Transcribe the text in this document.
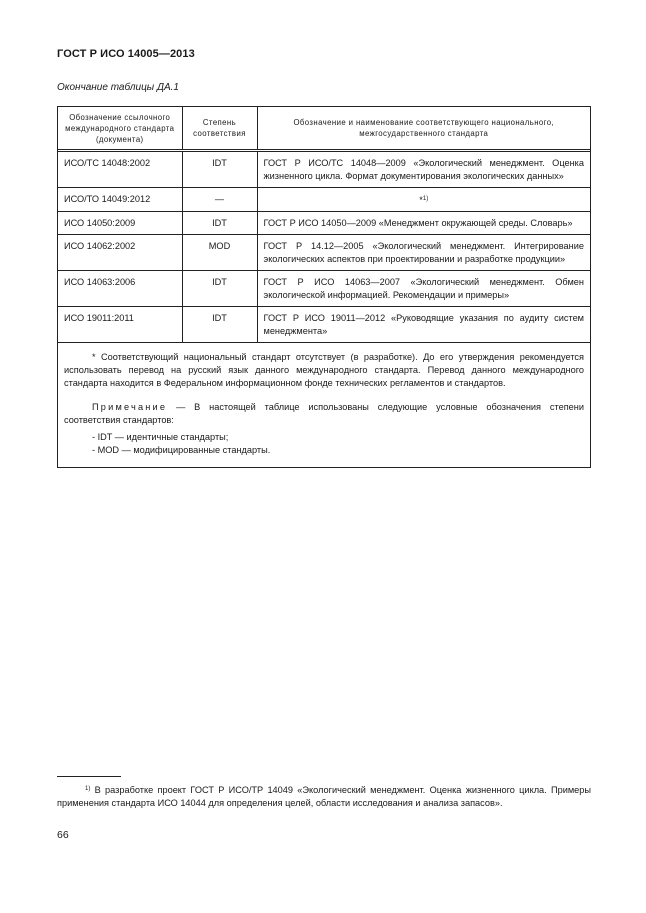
ГОСТ Р ИСО 14005—2013
Окончание таблицы ДА.1
Обозначение ссылочного международного стандарта (документа)	Степень соответствия	Обозначение и наименование соответствующего национального, межгосударственного стандарта
ИСО/ТС 14048:2002	IDT	ГОСТ Р ИСО/ТС 14048—2009 «Экологический менеджмент. Оценка жизненного цикла. Формат документирования экологических данных»
ИСО/ТО 14049:2012	—	*$^{1)}$
ИСО 14050:2009	IDT	ГОСТ Р ИСО 14050—2009 «Менеджмент окружающей среды. Словарь»
ИСО 14062:2002	MOD	ГОСТ Р 14.12—2005 «Экологический менеджмент. Интегрирование экологических аспектов при проектировании и разработке продукции»
ИСО 14063:2006	IDT	ГОСТ Р ИСО 14063—2007 «Экологический менеджмент. Обмен экологической информацией. Рекомендации и примеры»
ИСО 19011:2011	IDT	ГОСТ Р ИСО 19011—2012 «Руководящие указания по аудиту систем менеджмента»

* Соответствующий национальный стандарт отсутствует (в разработке). До его утверждения рекомендуется использовать перевод на русский язык данного международного стандарта. Перевод данного международного стандарта находится в Федеральном информационном фонде технических регламентов и стандартов.

Примечание — В настоящей таблице использованы следующие условные обозначения степени соответствия стандартов:

- IDT — идентичные стандарты;

- MOD — модифицированные стандарты.

$^{1)}$ В разработке проект ГОСТ Р ИСО/ТР 14049 «Экологический менеджмент. Оценка жизненного цикла. Примеры применения стандарта ИСО 14044 для определения целей, области исследования и анализа запасов».
66
